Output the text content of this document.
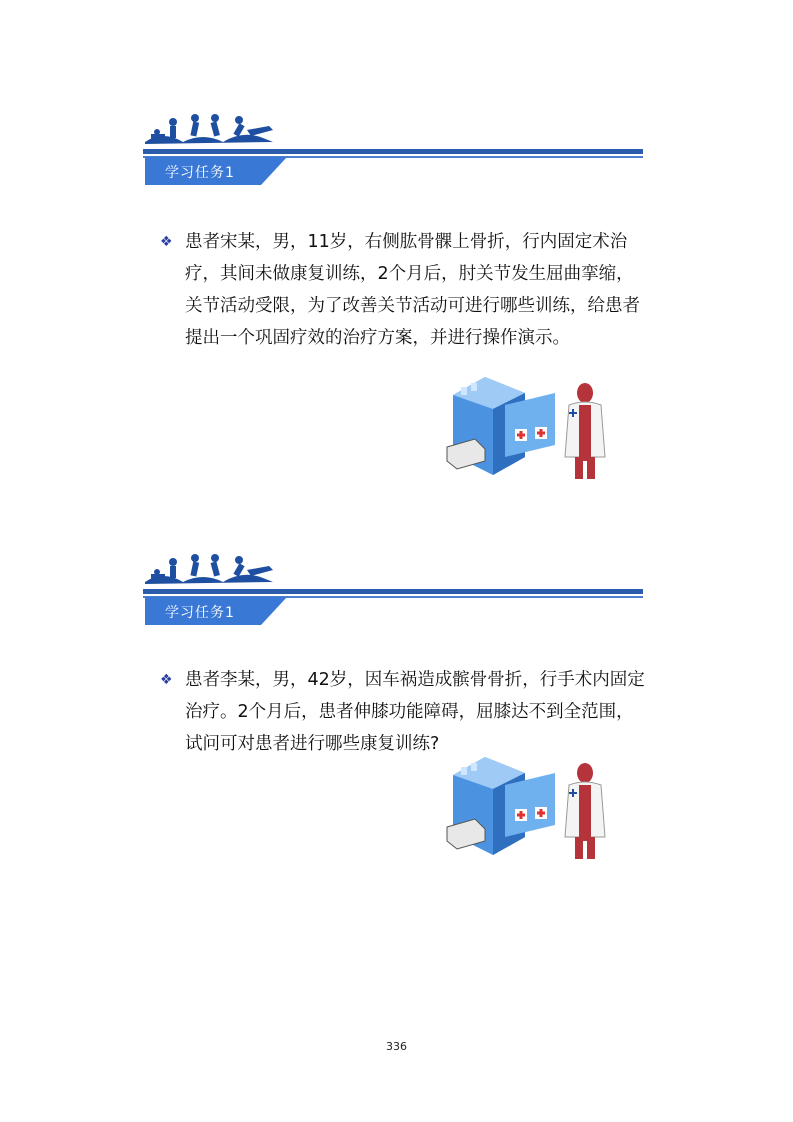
学习任务1
❖ 患者宋某，男，11岁，右侧肱骨髁上骨折，行内固定术治疗，其间未做康复训练，2个月后，肘关节发生屈曲挛缩，关节活动受限，为了改善关节活动可进行哪些训练，给患者提出一个巩固疗效的治疗方案，并进行操作演示。
学习任务1
❖ 患者李某，男，42岁，因车祸造成髌骨骨折，行手术内固定治疗。2个月后，患者伸膝功能障碍，屈膝达不到全范围，试问可对患者进行哪些康复训练?
336
